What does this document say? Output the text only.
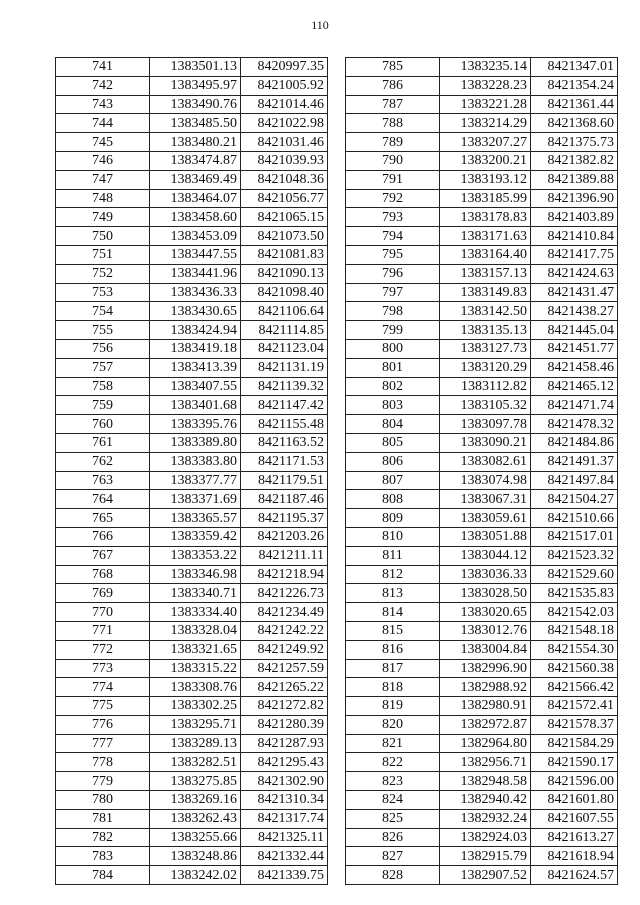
110
741	1383501.13	8420997.35
742	1383495.97	8421005.92
743	1383490.76	8421014.46
744	1383485.50	8421022.98
745	1383480.21	8421031.46
746	1383474.87	8421039.93
747	1383469.49	8421048.36
748	1383464.07	8421056.77
749	1383458.60	8421065.15
750	1383453.09	8421073.50
751	1383447.55	8421081.83
752	1383441.96	8421090.13
753	1383436.33	8421098.40
754	1383430.65	8421106.64
755	1383424.94	8421114.85
756	1383419.18	8421123.04
757	1383413.39	8421131.19
758	1383407.55	8421139.32
759	1383401.68	8421147.42
760	1383395.76	8421155.48
761	1383389.80	8421163.52
762	1383383.80	8421171.53
763	1383377.77	8421179.51
764	1383371.69	8421187.46
765	1383365.57	8421195.37
766	1383359.42	8421203.26
767	1383353.22	8421211.11
768	1383346.98	8421218.94
769	1383340.71	8421226.73
770	1383334.40	8421234.49
771	1383328.04	8421242.22
772	1383321.65	8421249.92
773	1383315.22	8421257.59
774	1383308.76	8421265.22
775	1383302.25	8421272.82
776	1383295.71	8421280.39
777	1383289.13	8421287.93
778	1383282.51	8421295.43
779	1383275.85	8421302.90
780	1383269.16	8421310.34
781	1383262.43	8421317.74
782	1383255.66	8421325.11
783	1383248.86	8421332.44
784	1383242.02	8421339.75
785	1383235.14	8421347.01
786	1383228.23	8421354.24
787	1383221.28	8421361.44
788	1383214.29	8421368.60
789	1383207.27	8421375.73
790	1383200.21	8421382.82
791	1383193.12	8421389.88
792	1383185.99	8421396.90
793	1383178.83	8421403.89
794	1383171.63	8421410.84
795	1383164.40	8421417.75
796	1383157.13	8421424.63
797	1383149.83	8421431.47
798	1383142.50	8421438.27
799	1383135.13	8421445.04
800	1383127.73	8421451.77
801	1383120.29	8421458.46
802	1383112.82	8421465.12
803	1383105.32	8421471.74
804	1383097.78	8421478.32
805	1383090.21	8421484.86
806	1383082.61	8421491.37
807	1383074.98	8421497.84
808	1383067.31	8421504.27
809	1383059.61	8421510.66
810	1383051.88	8421517.01
811	1383044.12	8421523.32
812	1383036.33	8421529.60
813	1383028.50	8421535.83
814	1383020.65	8421542.03
815	1383012.76	8421548.18
816	1383004.84	8421554.30
817	1382996.90	8421560.38
818	1382988.92	8421566.42
819	1382980.91	8421572.41
820	1382972.87	8421578.37
821	1382964.80	8421584.29
822	1382956.71	8421590.17
823	1382948.58	8421596.00
824	1382940.42	8421601.80
825	1382932.24	8421607.55
826	1382924.03	8421613.27
827	1382915.79	8421618.94
828	1382907.52	8421624.57
